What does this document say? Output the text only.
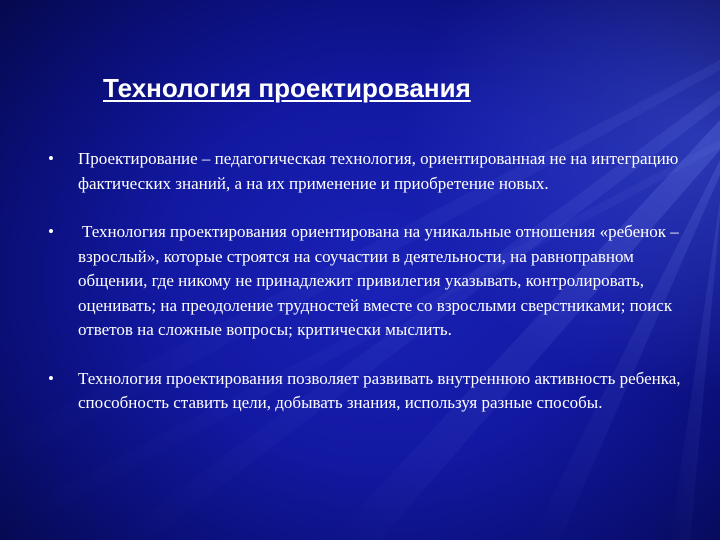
Технология проектирования
• Проектирование – педагогическая технология, ориентированная не на интеграцию фактических знаний, а на их применение и приобретение новых.
• Технология проектирования ориентирована на уникальные отношения «ребенок – взрослый», которые строятся на соучастии в деятельности, на равноправном общении, где никому не принадлежит привилегия указывать, контролировать, оценивать; на преодоление трудностей вместе со взрослыми сверстниками; поиск ответов на сложные вопросы; критически мыслить.
• Технология проектирования позволяет развивать внутреннюю активность ребенка, способность ставить цели, добывать знания, используя разные способы.
